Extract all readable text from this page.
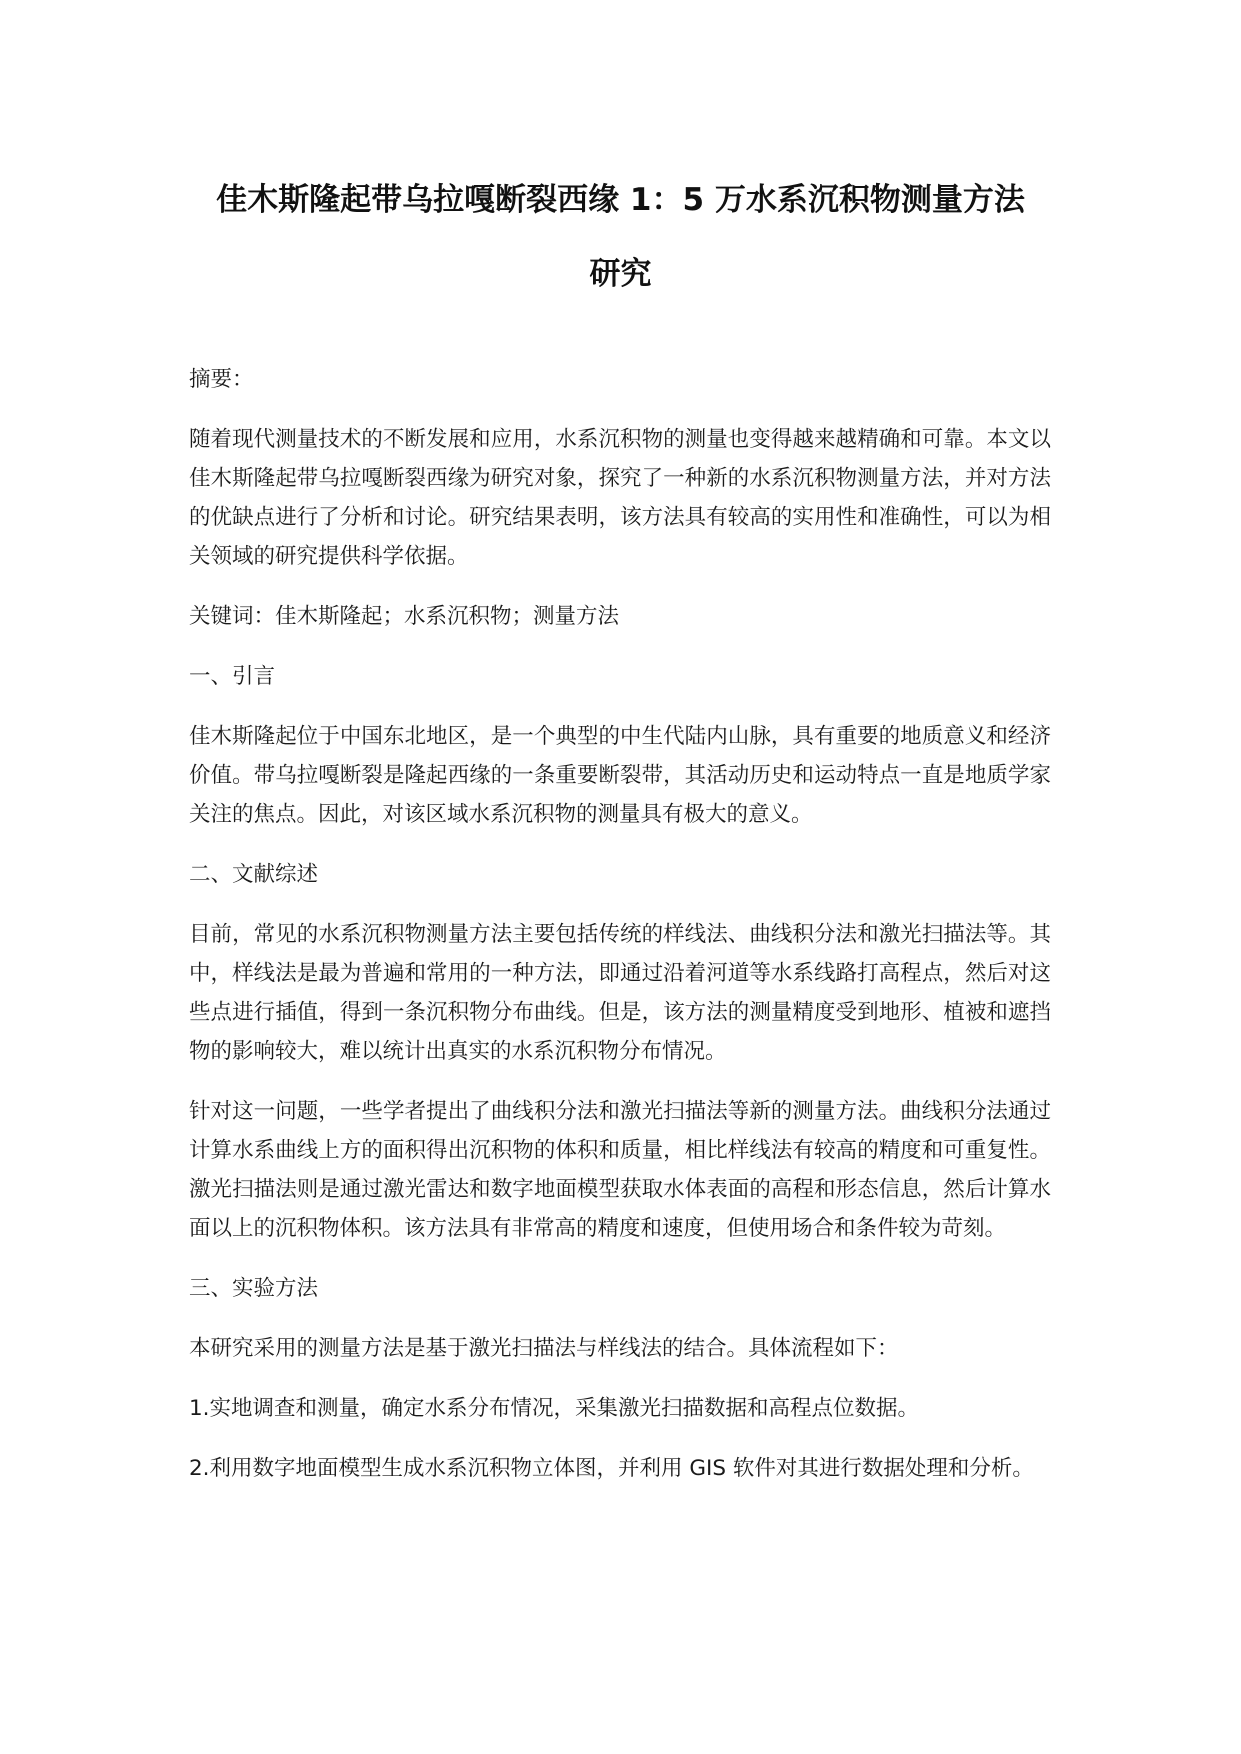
佳木斯隆起带乌拉嘎断裂西缘 1：5 万水系沉积物测量方法
研究

摘要：

随着现代测量技术的不断发展和应用，水系沉积物的测量也变得越来越精确和可靠。本文以佳木斯隆起带乌拉嘎断裂西缘为研究对象，探究了一种新的水系沉积物测量方法，并对方法的优缺点进行了分析和讨论。研究结果表明，该方法具有较高的实用性和准确性，可以为相关领域的研究提供科学依据。

关键词：佳木斯隆起；水系沉积物；测量方法

一、引言

佳木斯隆起位于中国东北地区，是一个典型的中生代陆内山脉，具有重要的地质意义和经济价值。带乌拉嘎断裂是隆起西缘的一条重要断裂带，其活动历史和运动特点一直是地质学家关注的焦点。因此，对该区域水系沉积物的测量具有极大的意义。

二、文献综述

目前，常见的水系沉积物测量方法主要包括传统的样线法、曲线积分法和激光扫描法等。其中，样线法是最为普遍和常用的一种方法，即通过沿着河道等水系线路打高程点，然后对这些点进行插值，得到一条沉积物分布曲线。但是，该方法的测量精度受到地形、植被和遮挡物的影响较大，难以统计出真实的水系沉积物分布情况。

针对这一问题，一些学者提出了曲线积分法和激光扫描法等新的测量方法。曲线积分法通过计算水系曲线上方的面积得出沉积物的体积和质量，相比样线法有较高的精度和可重复性。激光扫描法则是通过激光雷达和数字地面模型获取水体表面的高程和形态信息，然后计算水面以上的沉积物体积。该方法具有非常高的精度和速度，但使用场合和条件较为苛刻。

三、实验方法

本研究采用的测量方法是基于激光扫描法与样线法的结合。具体流程如下：

1.实地调查和测量，确定水系分布情况，采集激光扫描数据和高程点位数据。

2.利用数字地面模型生成水系沉积物立体图，并利用 GIS 软件对其进行数据处理和分析。
